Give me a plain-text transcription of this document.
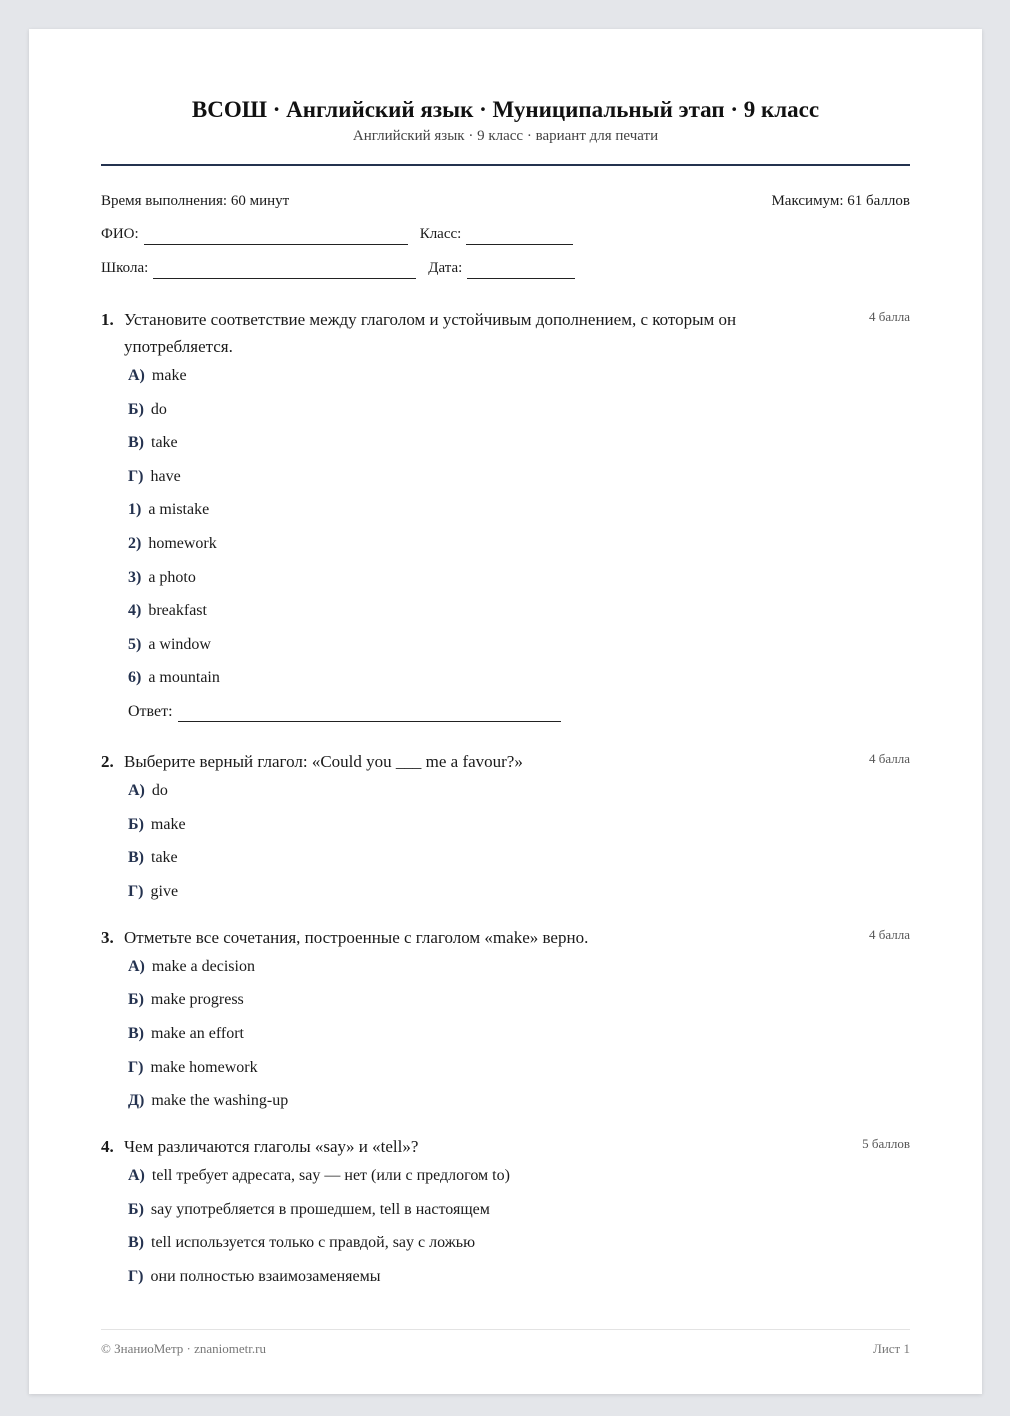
ВСОШ · Английский язык · Муниципальный этап · 9 класс
Английский язык · 9 класс · вариант для печати
Время выполнения: 60 минут	Максимум: 61 баллов
ФИО:	Класс:
Школа:	Дата:
1. Установите соответствие между глаголом и устойчивым дополнением, с которым он употребляется.
4 балла
А) make
Б) do
В) take
Г) have
1) a mistake
2) homework
3) a photo
4) breakfast
5) a window
6) a mountain
Ответ:
2. Выберите верный глагол: «Could you ___ me a favour?»	4 балла
А) do
Б) make
В) take
Г) give
3. Отметьте все сочетания, построенные с глаголом «make» верно.	4 балла
А) make a decision
Б) make progress
В) make an effort
Г) make homework
Д) make the washing-up
4. Чем различаются глаголы «say» и «tell»?	5 баллов
А) tell требует адресата, say — нет (или с предлогом to)
Б) say употребляется в прошедшем, tell в настоящем
В) tell используется только с правдой, say с ложью
Г) они полностью взаимозаменяемы
© ЗнаниоМетр · znaniometr.ru	Лист 1
